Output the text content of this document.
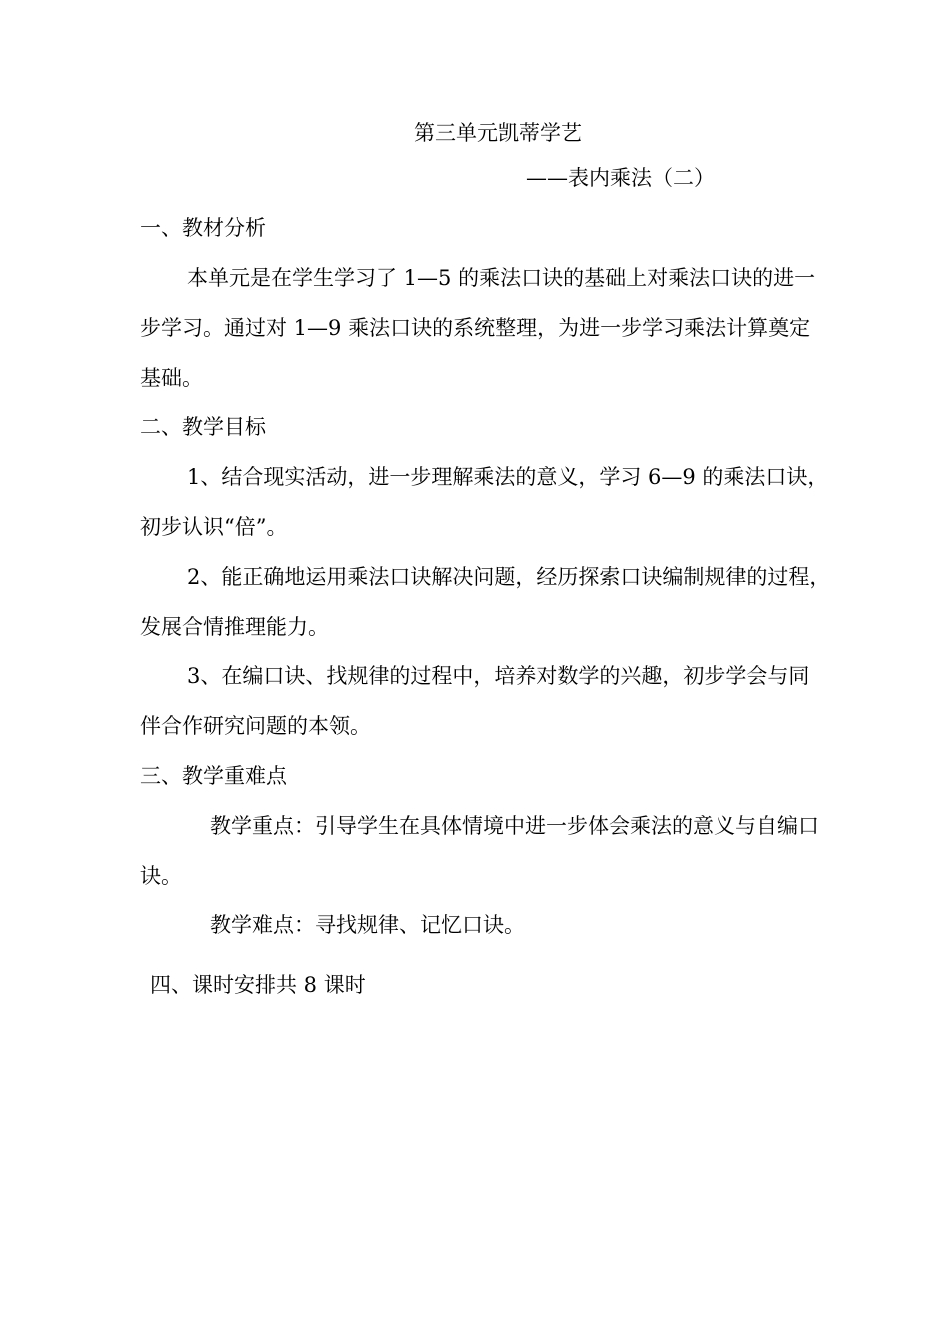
第三单元凯蒂学艺

——表内乘法（二）

一、教材分析

本单元是在学生学习了 1—5 的乘法口诀的基础上对乘法口诀的进一

步学习。通过对 1—9 乘法口诀的系统整理，为进一步学习乘法计算奠定

基础。

二、教学目标

1、结合现实活动，进一步理解乘法的意义，学习 6—9 的乘法口诀，

初步认识“倍”。

2、能正确地运用乘法口诀解决问题，经历探索口诀编制规律的过程，

发展合情推理能力。

3、在编口诀、找规律的过程中，培养对数学的兴趣，初步学会与同

伴合作研究问题的本领。

三、教学重难点

教学重点：引导学生在具体情境中进一步体会乘法的意义与自编口

诀。

教学难点：寻找规律、记忆口诀。

四、课时安排共 8 课时
